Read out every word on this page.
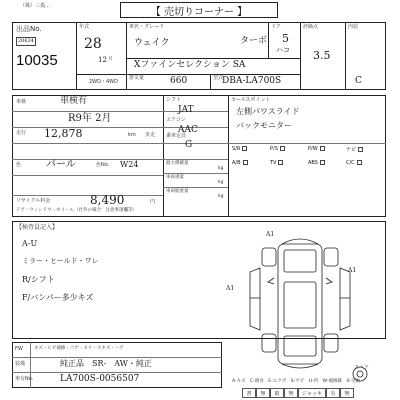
（株）三菱…
【 売切りコーナー 】
出品No.
20634
10035
年式
28
12 月
車名・グレード
ウェイク	ターボ
Xファインセレクション SA
ドア
5
ハコ
2WD・4WD
排気量	660	型式
DBA-LA700S
評価点
3.5
内装
C
車検	車検有
R9年 2月
走行 12,878	km 実走
色 パール	色No. W24
リサイクル料金	8,490	円
ドア・ウィンドウ・ホイール（社外の場合：注意事項欄等）
シフト
JAT
エアコン
AAC
乗車定員
G
最大積載量
kg
車両重量
kg
車両総重量
kg
セールスポイント
左側パワスライド
バックモニター
S/R	P/S	P/W	ナビ
A/B	TV	ABS	C/C
【検査員記入】
A-U
ミラー・ヒールド・ワレ
R/シフト
F/バンパー多少キズ
A1
A1
A1
スペア
FW キズ・ヒビ補修・コゲ・ヌリ・小キズ・ハゲ
装備	純正品　SR-　AW・純正
車台No.	LA700S-0056507	A-キズ　C-腐食　E-エクボ　S-サビ　U-凹　W-補修跡　X-交換
書	無	取	無	ジャッキ	有	無
